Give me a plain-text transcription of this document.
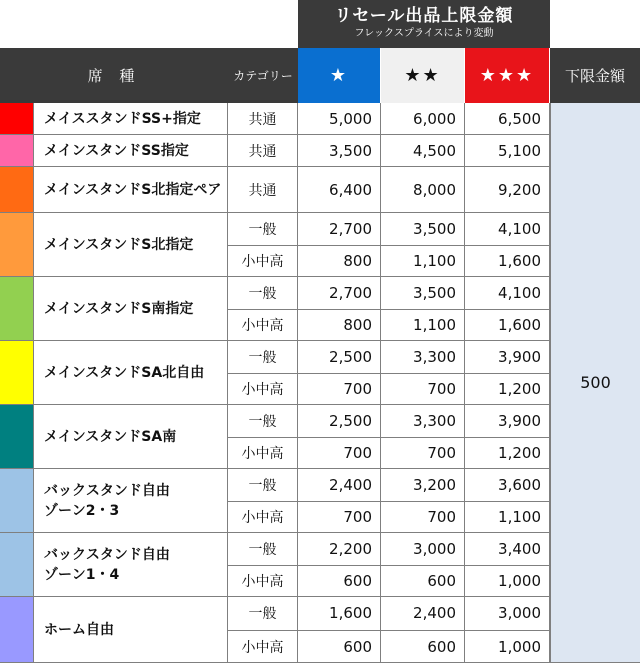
リセール出品上限金額
フレックスプライスにより変動
席 種	カテゴリー	★	★★	★★★	下限金額
メイススタンドSS+指定	共通	5,000	6,000	6,500
メインスタンドSS指定	共通	3,500	4,500	5,100
メインスタンドS北指定ペア	共通	6,400	8,000	9,200
メインスタンドS北指定
一般	2,700	3,500	4,100
小中高	800	1,100	1,600
メインスタンドS南指定
一般	2,700	3,500	4,100
小中高	800	1,100	1,600
メインスタンドSA北自由
一般	2,500	3,300	3,900
小中高	700	700	1,200
メインスタンドSA南
一般	2,500	3,300	3,900
小中高	700	700	1,200
バックスタンド自由
ゾーン2・3
一般	2,400	3,200	3,600
小中高	700	700	1,100
バックスタンド自由
ゾーン1・4
一般	2,200	3,000	3,400
小中高	600	600	1,000
ホーム自由
一般	1,600	2,400	3,000
小中高	600	600	1,000
500
